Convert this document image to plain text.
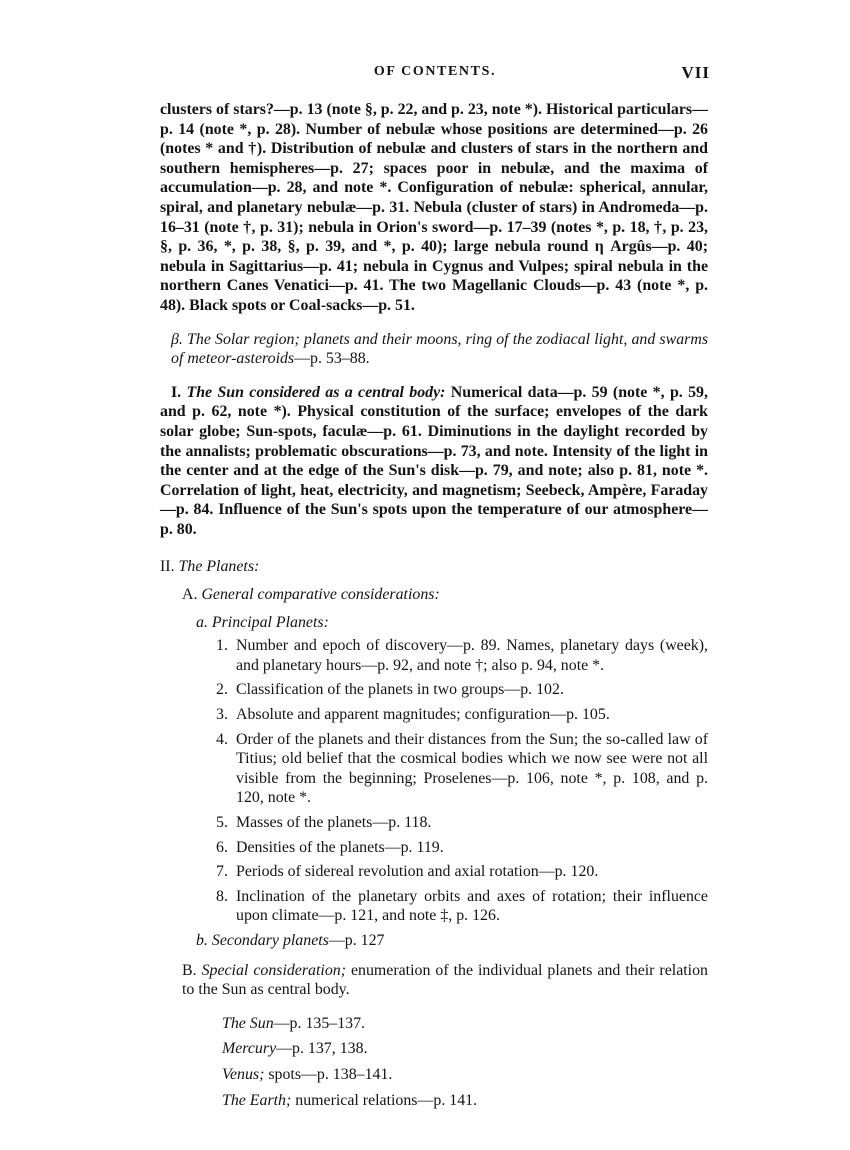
OF CONTENTS.	VII

clusters of stars?—p. 13 (note §, p. 22, and p. 23, note *). Historical particulars—p. 14 (note *, p. 28). Number of nebulæ whose positions are determined—p. 26 (notes * and †). Distribution of nebulæ and clusters of stars in the northern and southern hemispheres—p. 27; spaces poor in nebulæ, and the maxima of accumulation—p. 28, and note *. Configuration of nebulæ: spherical, annular, spiral, and planetary nebulæ—p. 31. Nebula (cluster of stars) in Andromeda—p. 16–31 (note †, p. 31); nebula in Orion's sword—p. 17–39 (notes *, p. 18, †, p. 23, §, p. 36, *, p. 38, §, p. 39, and *, p. 40); large nebula round η Argûs—p. 40; nebula in Sagittarius—p. 41; nebula in Cygnus and Vulpes; spiral nebula in the northern Canes Venatici—p. 41. The two Magellanic Clouds—p. 43 (note *, p. 48). Black spots or Coal-sacks—p. 51.

β. The Solar region; planets and their moons, ring of the zodiacal light, and swarms of meteor-asteroids—p. 53–88.

I. The Sun considered as a central body: Numerical data—p. 59 (note *, p. 59, and p. 62, note *). Physical constitution of the surface; envelopes of the dark solar globe; Sun-spots, faculæ—p. 61. Diminutions in the daylight recorded by the annalists; problematic obscurations—p. 73, and note. Intensity of the light in the center and at the edge of the Sun's disk—p. 79, and note; also p. 81, note *. Correlation of light, heat, electricity, and magnetism; Seebeck, Ampère, Faraday—p. 84. Influence of the Sun's spots upon the temperature of our atmosphere—p. 80.

II. The Planets:

A. General comparative considerations:

a. Principal Planets:

1. Number and epoch of discovery—p. 89. Names, planetary days (week), and planetary hours—p. 92, and note †; also p. 94, note *.
2. Classification of the planets in two groups—p. 102.
3. Absolute and apparent magnitudes; configuration—p. 105.
4. Order of the planets and their distances from the Sun; the so-called law of Titius; old belief that the cosmical bodies which we now see were not all visible from the beginning; Proselenes—p. 106, note *, p. 108, and p. 120, note *.
5. Masses of the planets—p. 118.
6. Densities of the planets—p. 119.
7. Periods of sidereal revolution and axial rotation—p. 120.
8. Inclination of the planetary orbits and axes of rotation; their influence upon climate—p. 121, and note ‡, p. 126.

b. Secondary planets—p. 127

B. Special consideration; enumeration of the individual planets and their relation to the Sun as central body.

The Sun—p. 135–137.

Mercury—p. 137, 138.

Venus; spots—p. 138–141.

The Earth; numerical relations—p. 141.
